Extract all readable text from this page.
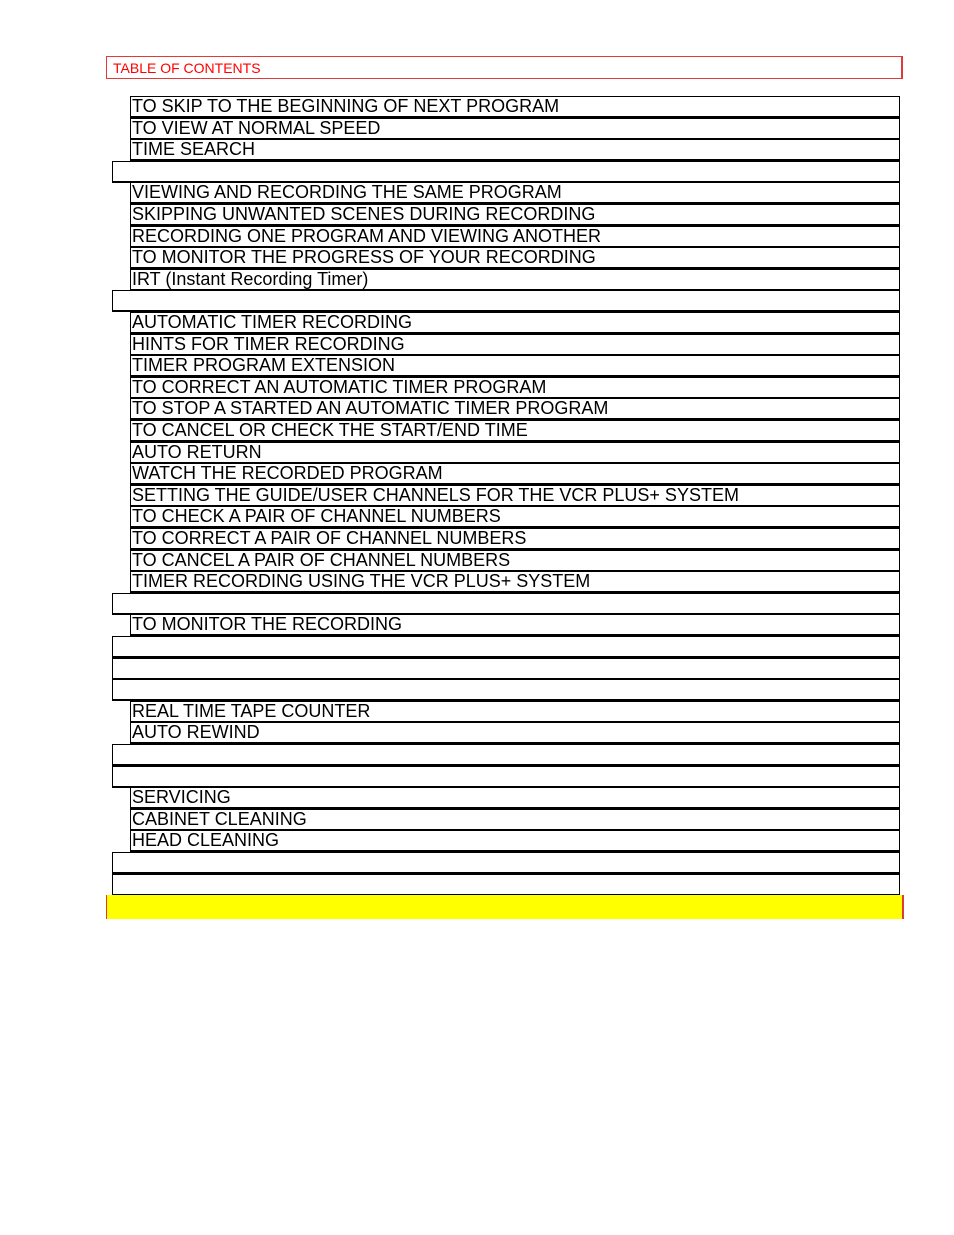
TABLE OF CONTENTS
TO SKIP TO THE BEGINNING OF NEXT PROGRAM
TO VIEW AT NORMAL SPEED
TIME SEARCH
VIEWING AND RECORDING THE SAME PROGRAM
SKIPPING UNWANTED SCENES DURING RECORDING
RECORDING ONE PROGRAM AND VIEWING ANOTHER
TO MONITOR THE PROGRESS OF YOUR RECORDING
IRT (Instant Recording Timer)
AUTOMATIC TIMER RECORDING
HINTS FOR TIMER RECORDING
TIMER PROGRAM EXTENSION
TO CORRECT AN AUTOMATIC TIMER PROGRAM
TO STOP A STARTED AN AUTOMATIC TIMER PROGRAM
TO CANCEL OR CHECK THE START/END TIME
AUTO RETURN
WATCH THE RECORDED PROGRAM
SETTING THE GUIDE/USER CHANNELS FOR THE VCR PLUS+ SYSTEM
TO CHECK A PAIR OF CHANNEL NUMBERS
TO CORRECT A PAIR OF CHANNEL NUMBERS
TO CANCEL A PAIR OF CHANNEL NUMBERS
TIMER RECORDING USING THE VCR PLUS+ SYSTEM
TO MONITOR THE RECORDING
REAL TIME TAPE COUNTER
AUTO REWIND
SERVICING
CABINET CLEANING
HEAD CLEANING
